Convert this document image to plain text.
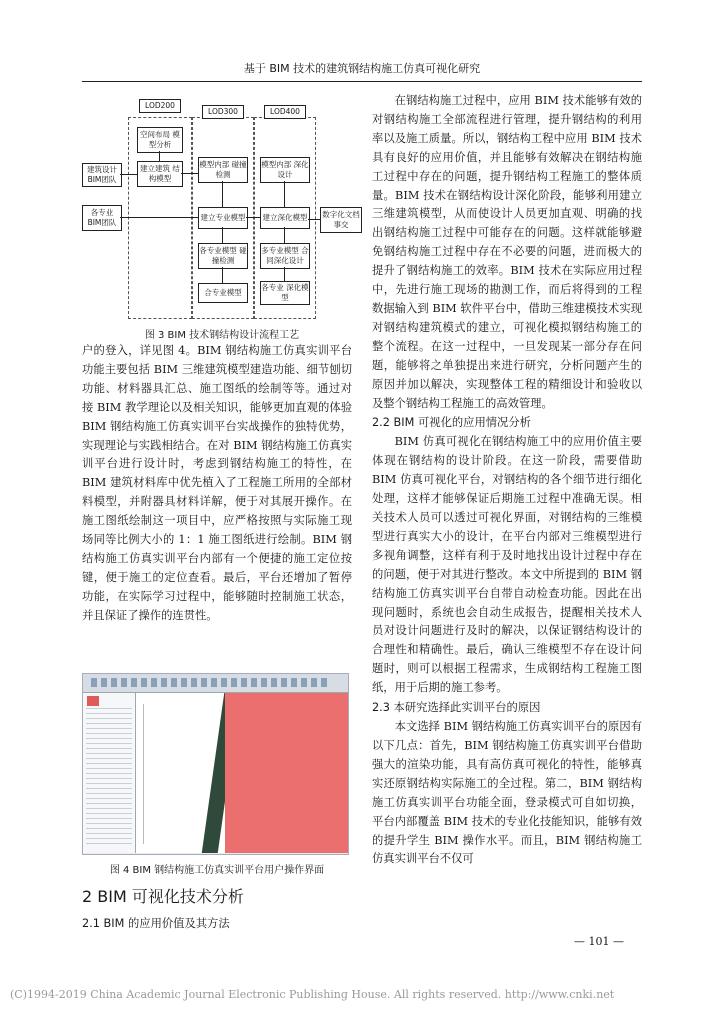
基于 BIM 技术的建筑钢结构施工仿真可视化研究
LOD200
LOD300	LOD400
空间布局 模型分析
建立建筑 结构模型
建筑设计 BIM团队
各专业 BIM团队
模型内部 碰撞检测
建立专业模型
各专业模型 碰撞检测
合专业模型
模型内部 深化设计
建立深化模型
多专业模型 合同深化设计
各专业 深化模型
数字化文档 事交
图 3 BIM 技术钢结构设计流程工艺

户的登入，详见图 4。BIM 钢结构施工仿真实训平台功能主要包括 BIM 三维建筑模型建造功能、细节刨切功能、材料器具汇总、施工图纸的绘制等等。通过对接 BIM 教学理论以及相关知识，能够更加直观的体验 BIM 钢结构施工仿真实训平台实战操作的独特优势，实现理论与实践相结合。在对 BIM 钢结构施工仿真实训平台进行设计时，考虑到钢结构施工的特性，在 BIM 建筑材料库中优先植入了工程施工所用的全部材料模型，并附器具材料详解，便于对其展开操作。在施工图纸绘制这一项目中，应严格按照与实际施工现场同等比例大小的 1：1 施工图纸进行绘制。BIM 钢结构施工仿真实训平台内部有一个便捷的施工定位按键，便于施工的定位查看。最后，平台还增加了暂停功能，在实际学习过程中，能够随时控制施工状态，并且保证了操作的连贯性。

图 4 BIM 钢结构施工仿真实训平台用户操作界面
2 BIM 可视化技术分析
2.1 BIM 的应用价值及其方法

在钢结构施工过程中，应用 BIM 技术能够有效的对钢结构施工全部流程进行管理，提升钢结构的利用率以及施工质量。所以，钢结构工程中应用 BIM 技术具有良好的应用价值，并且能够有效解决在钢结构施工过程中存在的问题，提升钢结构工程施工的整体质量。BIM 技术在钢结构设计深化阶段，能够利用建立三维建筑模型，从而使设计人员更加直观、明确的找出钢结构施工过程中可能存在的问题。这样就能够避免钢结构施工过程中存在不必要的问题，进而极大的提升了钢结构施工的效率。BIM 技术在实际应用过程中，先进行施工现场的勘测工作，而后将得到的工程数据输入到 BIM 软件平台中，借助三维建模技术实现对钢结构建筑模式的建立，可视化模拟钢结构施工的整个流程。在这一过程中，一旦发现某一部分存在问题，能够将之单独提出来进行研究，分析问题产生的原因并加以解决，实现整体工程的精细设计和验收以及整个钢结构工程施工的高效管理。

2.2 BIM 可视化的应用情况分析

BIM 仿真可视化在钢结构施工中的应用价值主要体现在钢结构的设计阶段。在这一阶段，需要借助 BIM 仿真可视化平台，对钢结构的各个细节进行细化处理，这样才能够保证后期施工过程中准确无误。相关技术人员可以透过可视化界面，对钢结构的三维模型进行真实大小的设计，在平台内部对三维模型进行多视角调整，这样有利于及时地找出设计过程中存在的问题，便于对其进行整改。本文中所提到的 BIM 钢结构施工仿真实训平台自带自动检查功能。因此在出现问题时，系统也会自动生成报告，提醒相关技术人员对设计问题进行及时的解决，以保证钢结构设计的合理性和精确性。最后，确认三维模型不存在设计问题时，则可以根据工程需求，生成钢结构工程施工图纸，用于后期的施工参考。

2.3 本研究选择此实训平台的原因

本文选择 BIM 钢结构施工仿真实训平台的原因有以下几点：首先，BIM 钢结构施工仿真实训平台借助强大的渲染功能，具有高仿真可视化的特性，能够真实还原钢结构实际施工的全过程。第二，BIM 钢结构施工仿真实训平台功能全面，登录模式可自如切换，平台内部覆盖 BIM 技术的专业化技能知识，能够有效的提升学生 BIM 操作水平。而且，BIM 钢结构施工仿真实训平台不仅可

— 101 —
(C)1994-2019 China Academic Journal Electronic Publishing House. All rights reserved. http://www.cnki.net
